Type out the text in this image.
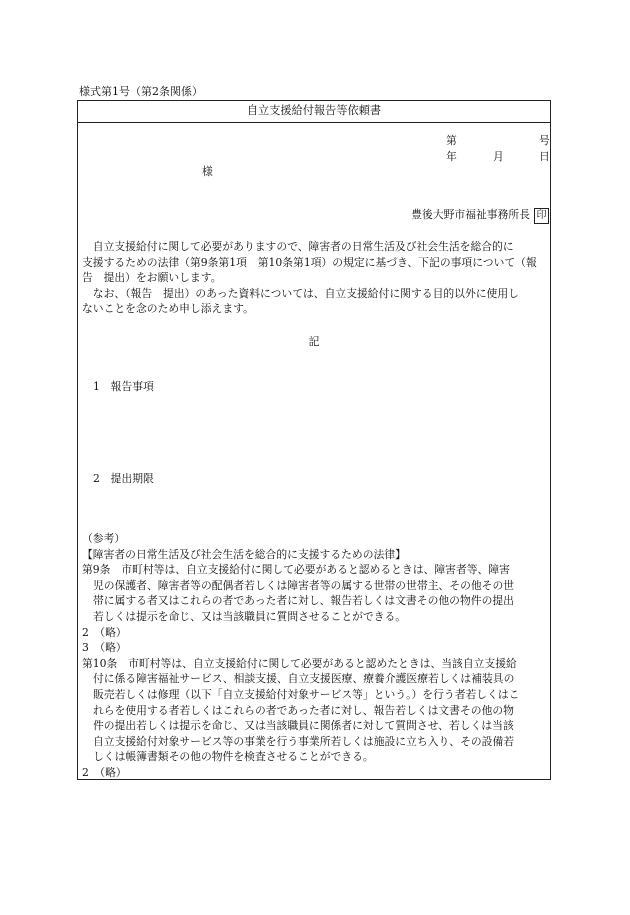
様式第1号（第2条関係）
自立支援給付報告等依頼書
第	号
年	月	日
様
豊後大野市福祉事務所長 印

　自立支援給付に関して必要がありますので、障害者の日常生活及び社会生活を総合的に

支援するための法律（第9条第1項　第10条第1項）の規定に基づき、下記の事項について（報

告　提出）をお願いします。

　なお、（報告　提出）のあった資料については、自立支援給付に関する目的以外に使用し

ないことを念のため申し添えます。

記
1　報告事項
2　提出期限
（参考）
【障害者の日常生活及び社会生活を総合的に支援するための法律】
第9条　市町村等は、自立支援給付に関して必要があると認めるときは、障害者等、障害
児の保護者、障害者等の配偶者若しくは障害者等の属する世帯の世帯主、その他その世
帯に属する者又はこれらの者であった者に対し、報告若しくは文書その他の物件の提出
若しくは提示を命じ、又は当該職員に質問させることができる。
2　（略）
3　（略）
第10条　市町村等は、自立支援給付に関して必要があると認めたときは、当該自立支援給
付に係る障害福祉サービス、相談支援、自立支援医療、療養介護医療若しくは補装具の
販売若しくは修理（以下「自立支援給付対象サービス等」という。）を行う者若しくはこ
れらを使用する者若しくはこれらの者であった者に対し、報告若しくは文書その他の物
件の提出若しくは提示を命じ、又は当該職員に関係者に対して質問させ、若しくは当該
自立支援給付対象サービス等の事業を行う事業所若しくは施設に立ち入り、その設備若
しくは帳簿書類その他の物件を検査させることができる。
2　（略）
